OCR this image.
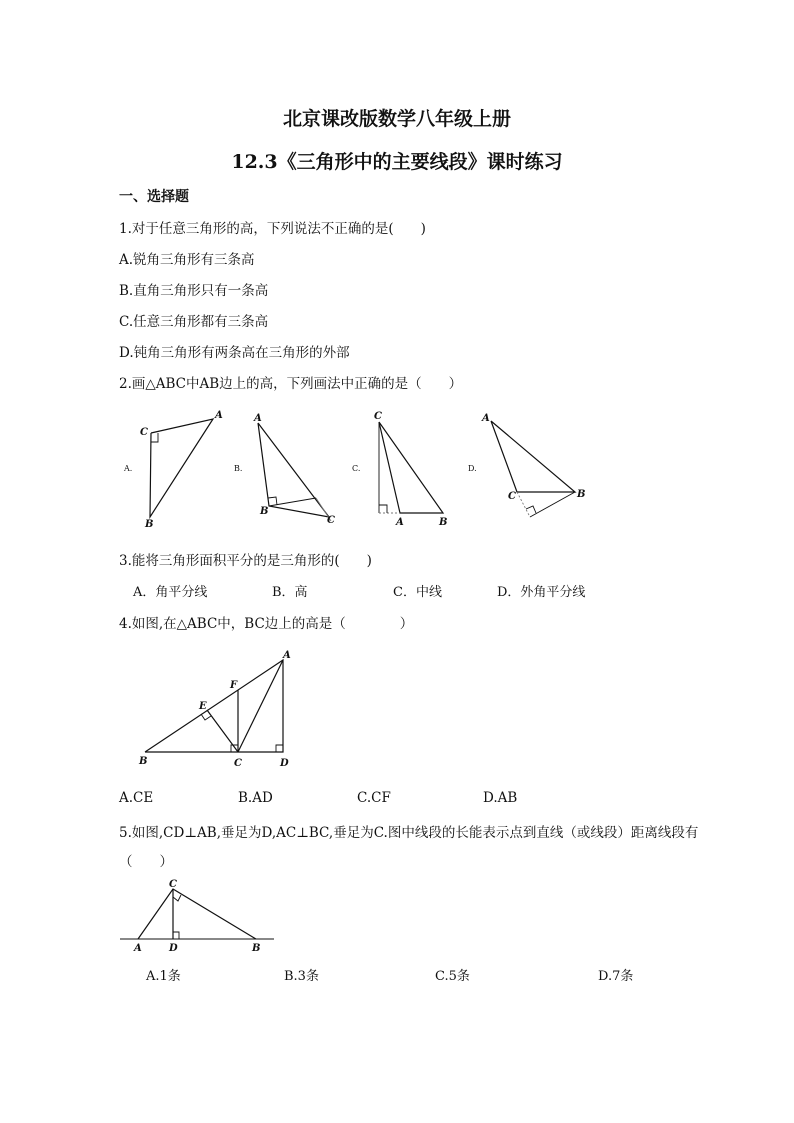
北京课改版数学八年级上册
12.3《三角形中的主要线段》课时练习
一、选择题
1.对于任意三角形的高，下列说法不正确的是(　　)
A.锐角三角形有三条高
B.直角三角形只有一条高
C.任意三角形都有三条高
D.钝角三角形有两条高在三角形的外部
2.画△ABC中AB边上的高，下列画法中正确的是（　　）
A.
A
B
C
B.
A
B
C
C.
C
A	B
D.
A
C	B
3.能将三角形面积平分的是三角形的(　　)
A．角平分线	B．高	C．中线	D．外角平分线
4.如图,在△ABC中，BC边上的高是（　　　　）
A
F
E
B	C	D
A.CE	B.AD	C.CF	D.AB
5.如图,CD⊥AB,垂足为D,AC⊥BC,垂足为C.图中线段的长能表示点到直线（或线段）距离线段有
（　　）
C
A	D	B
A.1条	B.3条	C.5条	D.7条
